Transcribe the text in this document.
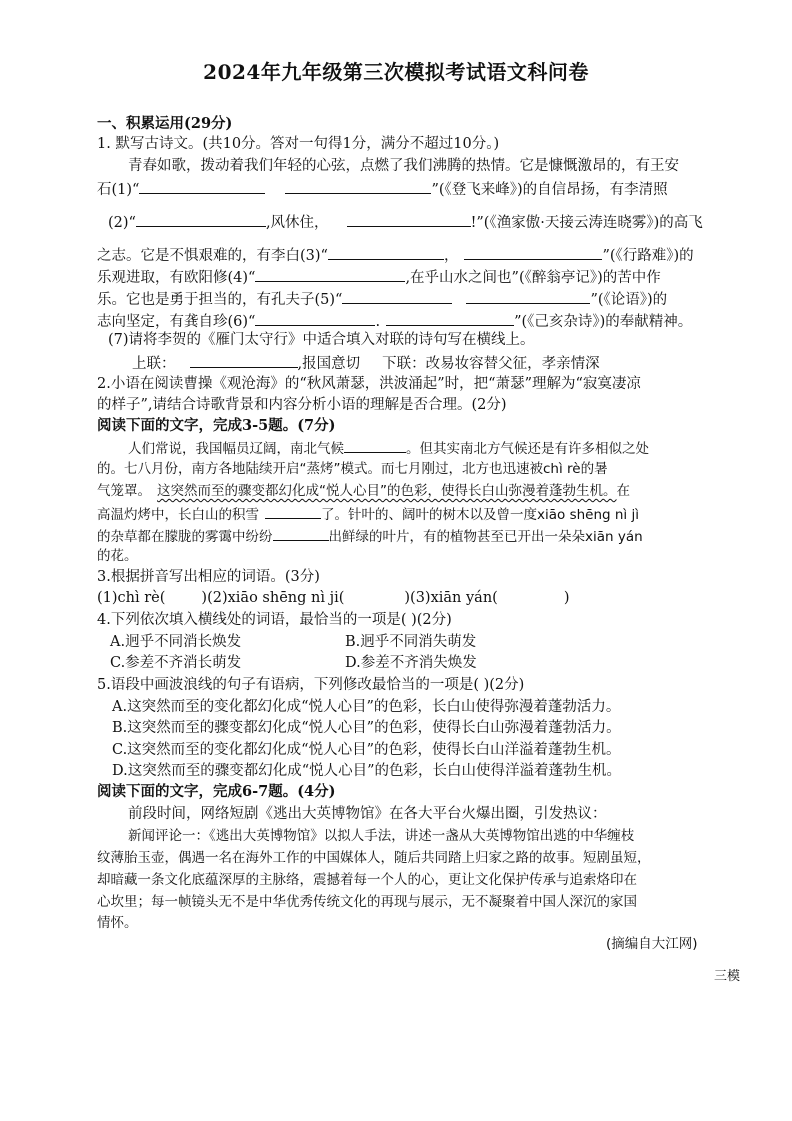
2024年九年级第三次模拟考试语文科问卷
一、积累运用(29分)
1. 默写古诗文。(共10分。答对一句得1分，满分不超过10分。)
青春如歌，拨动着我们年轻的心弦，点燃了我们沸腾的热情。它是慷慨激昂的，有王安
石(1)“	”(《登飞来峰》)的自信昂扬，有李清照
(2)“	,风休住，	!”(《渔家傲·天接云涛连晓雾》)的高飞
之志。它是不惧艰难的，有李白(3)“	，	”(《行路难》)的
乐观进取，有欧阳修(4)“	,在乎山水之间也”(《醉翁亭记》)的苦中作
乐。它也是勇于担当的，有孔夫子(5)“	”(《论语》)的
志向坚定，有龚自珍(6)“	.	”(《己亥杂诗》)的奉献精神。
(7)请将李贺的《雁门太守行》中适合填入对联的诗句写在横线上。
上联：	,报国意切 下联：改易妆容替父征，孝亲情深
2.小语在阅读曹操《观沧海》的“秋风萧瑟，洪波涌起”时，把“萧瑟”理解为“寂寞凄凉
的样子”,请结合诗歌背景和内容分析小语的理解是否合理。(2分)
阅读下面的文字，完成3-5题。(7分)
人们常说，我国幅员辽阔，南北气候	。但其实南北方气候还是有许多相似之处
的。七八月份，南方各地陆续开启“蒸烤”模式。而七月刚过，北方也迅速被chì rè的暑
气笼罩。 这突然而至的骤变都幻化成“悦人心目”的色彩，使得长白山弥漫着蓬勃生机。在
高温灼烤中，长白山的积雪	了。针叶的、阔叶的树木以及曾一度xiāo shēng nì jì
的杂草都在朦胧的雾霭中纷纷	出鲜绿的叶片，有的植物甚至已开出一朵朵xiān yán
的花。
3.根据拼音写出相应的词语。(3分)
(1)chì rè( )(2)xiāo shēng nì ji(	)(3)xiān yán(	)
4.下列依次填入横线处的词语，最恰当的一项是( )(2分)
A.迥乎不同消长焕发	B.迥乎不同消失萌发
C.参差不齐消长萌发	D.参差不齐消失焕发
5.语段中画波浪线的句子有语病，下列修改最恰当的一项是( )(2分)
A.这突然而至的变化都幻化成“悦人心目”的色彩，长白山使得弥漫着蓬勃活力。
B.这突然而至的骤变都幻化成“悦人心目”的色彩，使得长白山弥漫着蓬勃活力。
C.这突然而至的变化都幻化成“悦人心目”的色彩，使得长白山洋溢着蓬勃生机。
D.这突然而至的骤变都幻化成“悦人心目”的色彩，长白山使得洋溢着蓬勃生机。
阅读下面的文字，完成6-7题。(4分)
前段时间，网络短剧《逃出大英博物馆》在各大平台火爆出圈，引发热议：
新闻评论一：《逃出大英博物馆》以拟人手法，讲述一盏从大英博物馆出逃的中华缠枝
纹薄胎玉壶，偶遇一名在海外工作的中国媒体人，随后共同踏上归家之路的故事。短剧虽短，
却暗藏一条文化底蕴深厚的主脉络，震撼着每一个人的心，更让文化保护传承与追索烙印在
心坎里；每一帧镜头无不是中华优秀传统文化的再现与展示，无不凝聚着中国人深沉的家国
情怀。
(摘编自大江网)
三模
